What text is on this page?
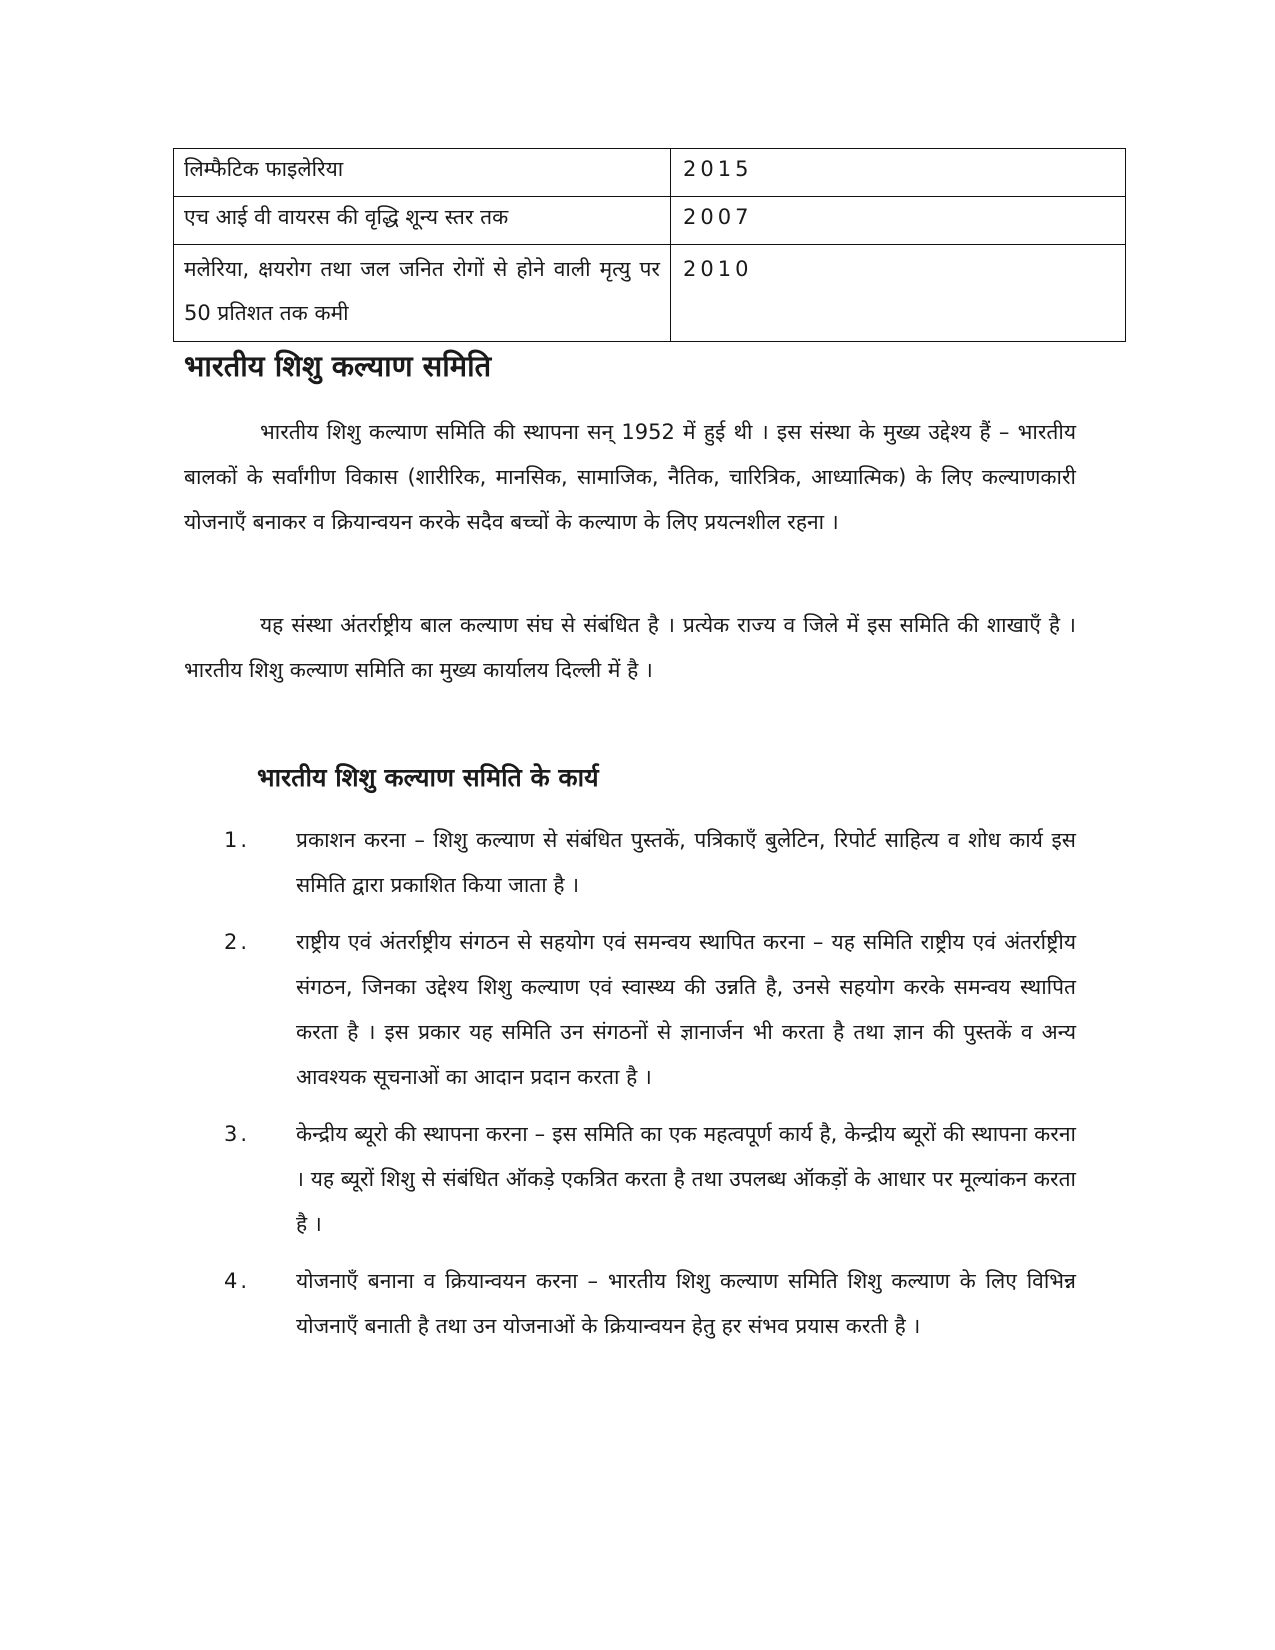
लिम्फैटिक फाइलेरिया	2015
एच आई वी वायरस की वृद्धि शून्य स्तर तक	2007
मलेरिया, क्षयरोग तथा जल जनित रोगों से होने वाली मृत्यु पर 50 प्रतिशत तक कमी	2010
भारतीय शिशु कल्याण समिति

भारतीय शिशु कल्याण समिति की स्थापना सन् 1952 में हुई थी । इस संस्था के मुख्य उद्देश्य हैं – भारतीय बालकों के सर्वांगीण विकास (शारीरिक, मानसिक, सामाजिक, नैतिक, चारित्रिक, आध्यात्मिक) के लिए कल्याणकारी योजनाएँ बनाकर व क्रियान्वयन करके सदैव बच्चों के कल्याण के लिए प्रयत्नशील रहना ।

यह संस्था अंतर्राष्ट्रीय बाल कल्याण संघ से संबंधित है । प्रत्येक राज्य व जिले में इस समिति की शाखाएँ है । भारतीय शिशु कल्याण समिति का मुख्य कार्यालय दिल्ली में है ।

भारतीय शिशु कल्याण समिति के कार्य
1. प्रकाशन करना – शिशु कल्याण से संबंधित पुस्तकें, पत्रिकाएँ बुलेटिन, रिपोर्ट साहित्य व शोध कार्य इस समिति द्वारा प्रकाशित किया जाता है ।
2. राष्ट्रीय एवं अंतर्राष्ट्रीय संगठन से सहयोग एवं समन्वय स्थापित करना – यह समिति राष्ट्रीय एवं अंतर्राष्ट्रीय संगठन, जिनका उद्देश्य शिशु कल्याण एवं स्वास्थ्य की उन्नति है, उनसे सहयोग करके समन्वय स्थापित करता है । इस प्रकार यह समिति उन संगठनों से ज्ञानार्जन भी करता है तथा ज्ञान की पुस्तकें व अन्य आवश्यक सूचनाओं का आदान प्रदान करता है ।
3. केन्द्रीय ब्यूरो की स्थापना करना – इस समिति का एक महत्वपूर्ण कार्य है, केन्द्रीय ब्यूरों की स्थापना करना । यह ब्यूरों शिशु से संबंधित ऑकड़े एकत्रित करता है तथा उपलब्ध ऑकड़ों के आधार पर मूल्यांकन करता है ।
4. योजनाएँ बनाना व क्रियान्वयन करना – भारतीय शिशु कल्याण समिति शिशु कल्याण के लिए विभिन्न योजनाएँ बनाती है तथा उन योजनाओं के क्रियान्वयन हेतु हर संभव प्रयास करती है ।
